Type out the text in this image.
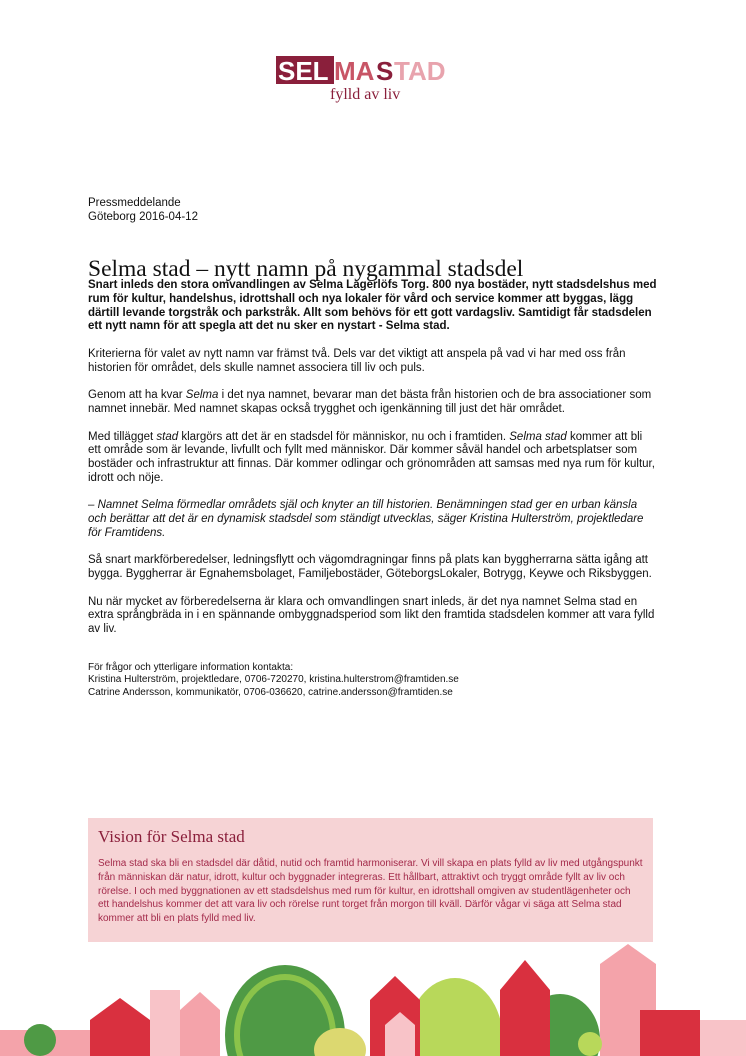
SEL MA S TAD
fylld av liv
Pressmeddelande
Göteborg 2016-04-12
Selma stad – nytt namn på nygammal stadsdel

Snart inleds den stora omvandlingen av Selma Lagerlöfs Torg. 800 nya bostäder, nytt stadsdelshus med rum för kultur, handelshus, idrottshall och nya lokaler för vård och service kommer att byggas, lägg därtill levande torgstråk och parkstråk. Allt som behövs för ett gott vardagsliv. Samtidigt får stadsdelen ett nytt namn för att spegla att det nu sker en nystart - Selma stad.

Kriterierna för valet av nytt namn var främst två. Dels var det viktigt att anspela på vad vi har med oss från historien för området, dels skulle namnet associera till liv och puls.

Genom att ha kvar Selma i det nya namnet, bevarar man det bästa från historien och de bra associationer som namnet innebär. Med namnet skapas också trygghet och igenkänning till just det här området.

Med tillägget stad klargörs att det är en stadsdel för människor, nu och i framtiden. Selma stad kommer att bli ett område som är levande, livfullt och fyllt med människor. Där kommer såväl handel och arbetsplatser som bostäder och infrastruktur att finnas. Där kommer odlingar och grönområden att samsas med nya rum för kultur, idrott och nöje.

– Namnet Selma förmedlar områdets själ och knyter an till historien. Benämningen stad ger en urban känsla och berättar att det är en dynamisk stadsdel som ständigt utvecklas, säger Kristina Hulterström, projektledare för Framtidens.

Så snart markförberedelser, ledningsflytt och vägomdragningar finns på plats kan byggherrarna sätta igång att bygga. Byggherrar är Egnahemsbolaget, Familjebostäder, GöteborgsLokaler, Botrygg, Keywe och Riksbyggen.

Nu när mycket av förberedelserna är klara och omvandlingen snart inleds, är det nya namnet Selma stad en extra språngbräda in i en spännande ombyggnadsperiod som likt den framtida stadsdelen kommer att vara fylld av liv.

För frågor och ytterligare information kontakta:
Kristina Hulterström, projektledare, 0706-720270, kristina.hulterstrom@framtiden.se
Catrine Andersson, kommunikatör, 0706-036620, catrine.andersson@framtiden.se

Vision för Selma stad

Selma stad ska bli en stadsdel där dåtid, nutid och framtid harmoniserar. Vi vill skapa en plats fylld av liv med utgångspunkt från människan där natur, idrott, kultur och byggnader integreras. Ett hållbart, attraktivt och tryggt område fyllt av liv och rörelse. I och med byggnationen av ett stadsdelshus med rum för kultur, en idrottshall omgiven av studentlägenheter och ett handelshus kommer det att vara liv och rörelse runt torget från morgon till kväll. Därför vågar vi säga att Selma stad kommer att bli en plats fylld med liv.
